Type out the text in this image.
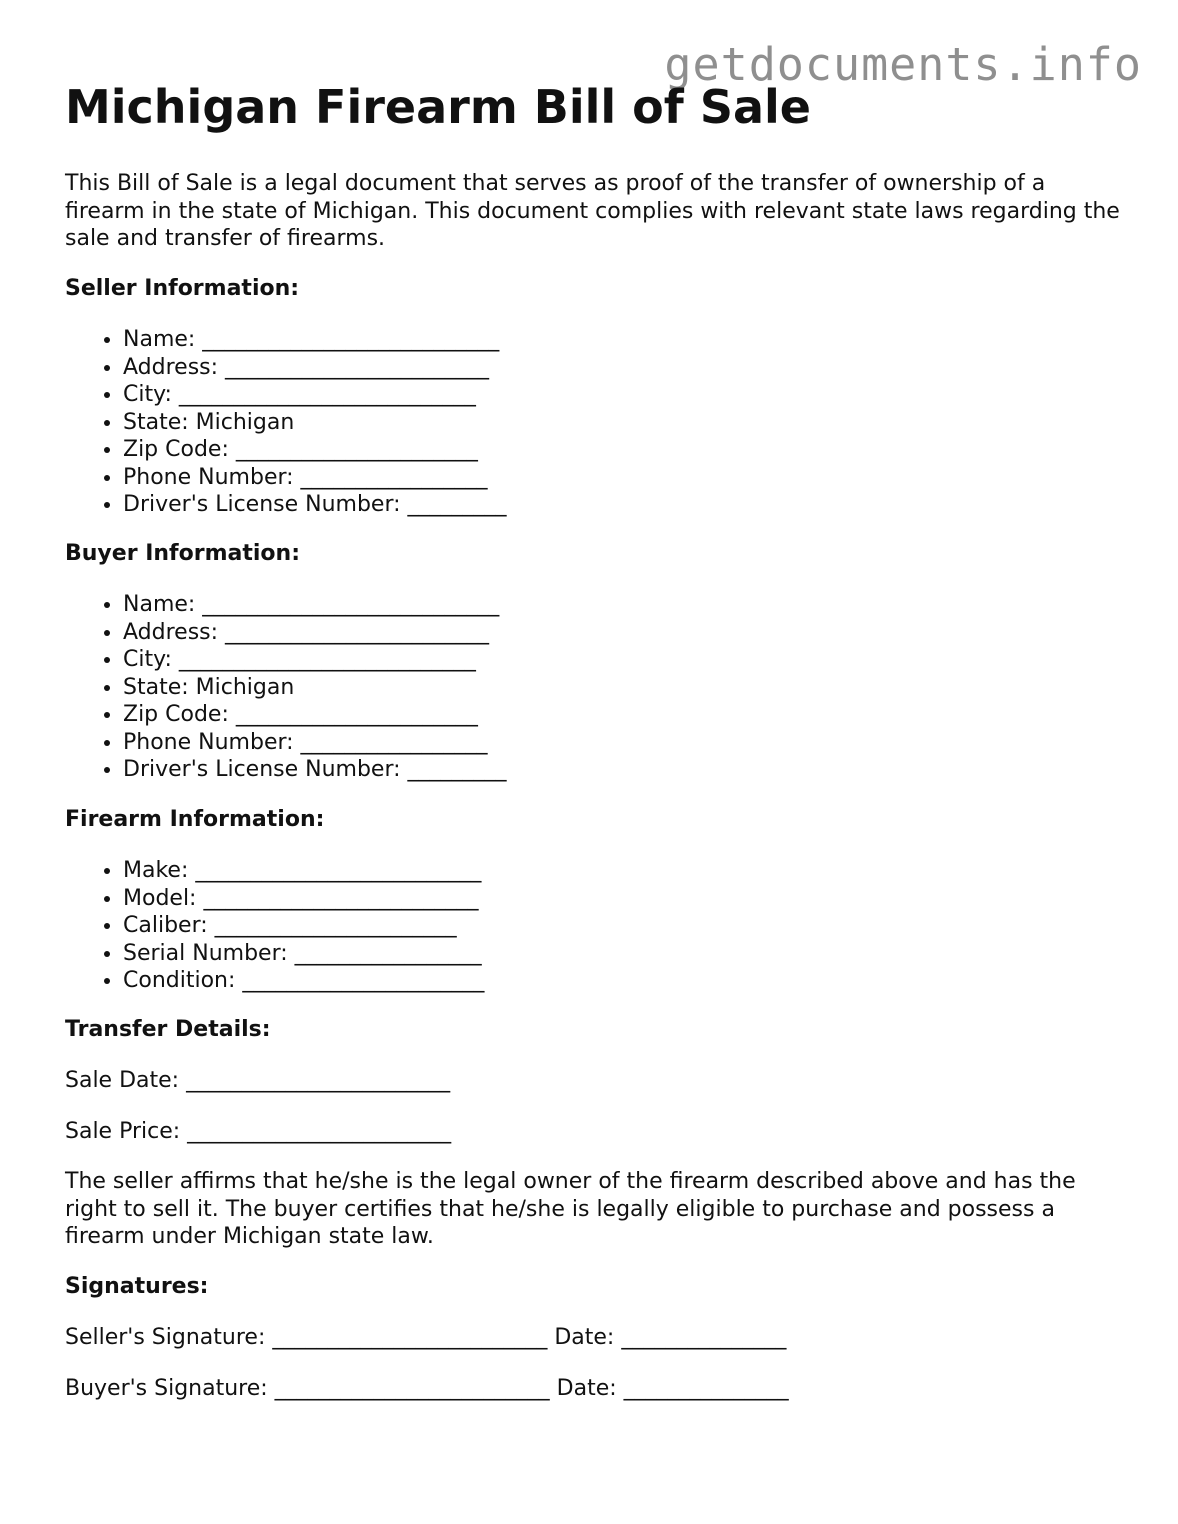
getdocuments.info
Michigan Firearm Bill of Sale

This Bill of Sale is a legal document that serves as proof of the transfer of ownership of a firearm in the state of Michigan. This document complies with relevant state laws regarding the sale and transfer of firearms.

Seller Information:
• Name: ___________________________
• Address: ________________________
• City: ___________________________
• State: Michigan
• Zip Code: ______________________
• Phone Number: _________________
• Driver's License Number: _________
Buyer Information:
• Name: ___________________________
• Address: ________________________
• City: ___________________________
• State: Michigan
• Zip Code: ______________________
• Phone Number: _________________
• Driver's License Number: _________
Firearm Information:
• Make: __________________________
• Model: _________________________
• Caliber: ______________________
• Serial Number: _________________
• Condition: ______________________
Transfer Details:
Sale Date: ________________________
Sale Price: ________________________

The seller affirms that he/she is the legal owner of the firearm described above and has the right to sell it. The buyer certifies that he/she is legally eligible to purchase and possess a firearm under Michigan state law.

Signatures:
Seller's Signature: _________________________ Date: _______________
Buyer's Signature: _________________________ Date: _______________
